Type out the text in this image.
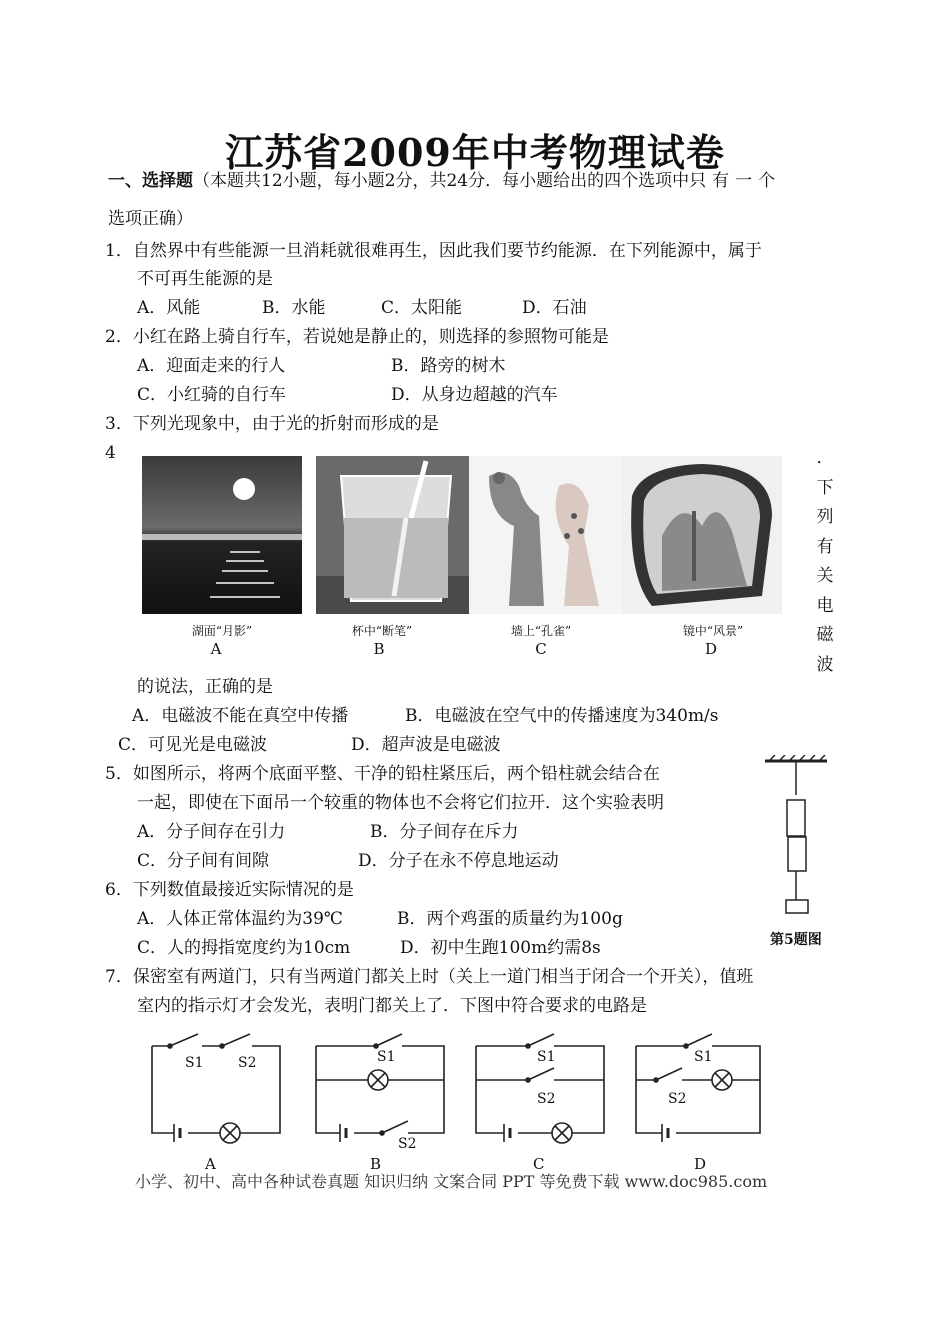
江苏省2009年中考物理试卷
一、选择题（本题共12小题，每小题2分，共24分．每小题给出的四个选项中只有一个
选项正确）
1．自然界中有些能源一旦消耗就很难再生，因此我们要节约能源．在下列能源中，属于
不可再生能源的是
A．风能	B．水能	C．太阳能	D．石油
2．小红在路上骑自行车，若说她是静止的，则选择的参照物可能是
A．迎面走来的行人	B．路旁的树木
C．小红骑的自行车	D．从身边超越的汽车
3．下列光现象中，由于光的折射而形成的是
4
湖面“月影”	杯中“断笔”	墙上“孔雀”	镜中“风景”
A	B	C	D
．
下
列
有
关
电
磁
波
的说法，正确的是
A．电磁波不能在真空中传播	B．电磁波在空气中的传播速度为340m/s
C．可见光是电磁波	D．超声波是电磁波
5．如图所示，将两个底面平整、干净的铅柱紧压后，两个铅柱就会结合在
一起，即使在下面吊一个较重的物体也不会将它们拉开．这个实验表明
A．分子间存在引力	B．分子间存在斥力
C．分子间有间隙	D．分子在永不停息地运动
第5题图
6．下列数值最接近实际情况的是
A．人体正常体温约为39℃	B．两个鸡蛋的质量约为100g
C．人的拇指宽度约为10cm	D．初中生跑100m约需8s
7．保密室有两道门，只有当两道门都关上时（关上一道门相当于闭合一个开关），值班
室内的指示灯才会发光，表明门都关上了．下图中符合要求的电路是
S1 S2	S1
S2
S1
S2
S1
S2
A	B	C	D
小学、初中、高中各种试卷真题 知识归纳 文案合同 PPT 等免费下载 www.doc985.com
